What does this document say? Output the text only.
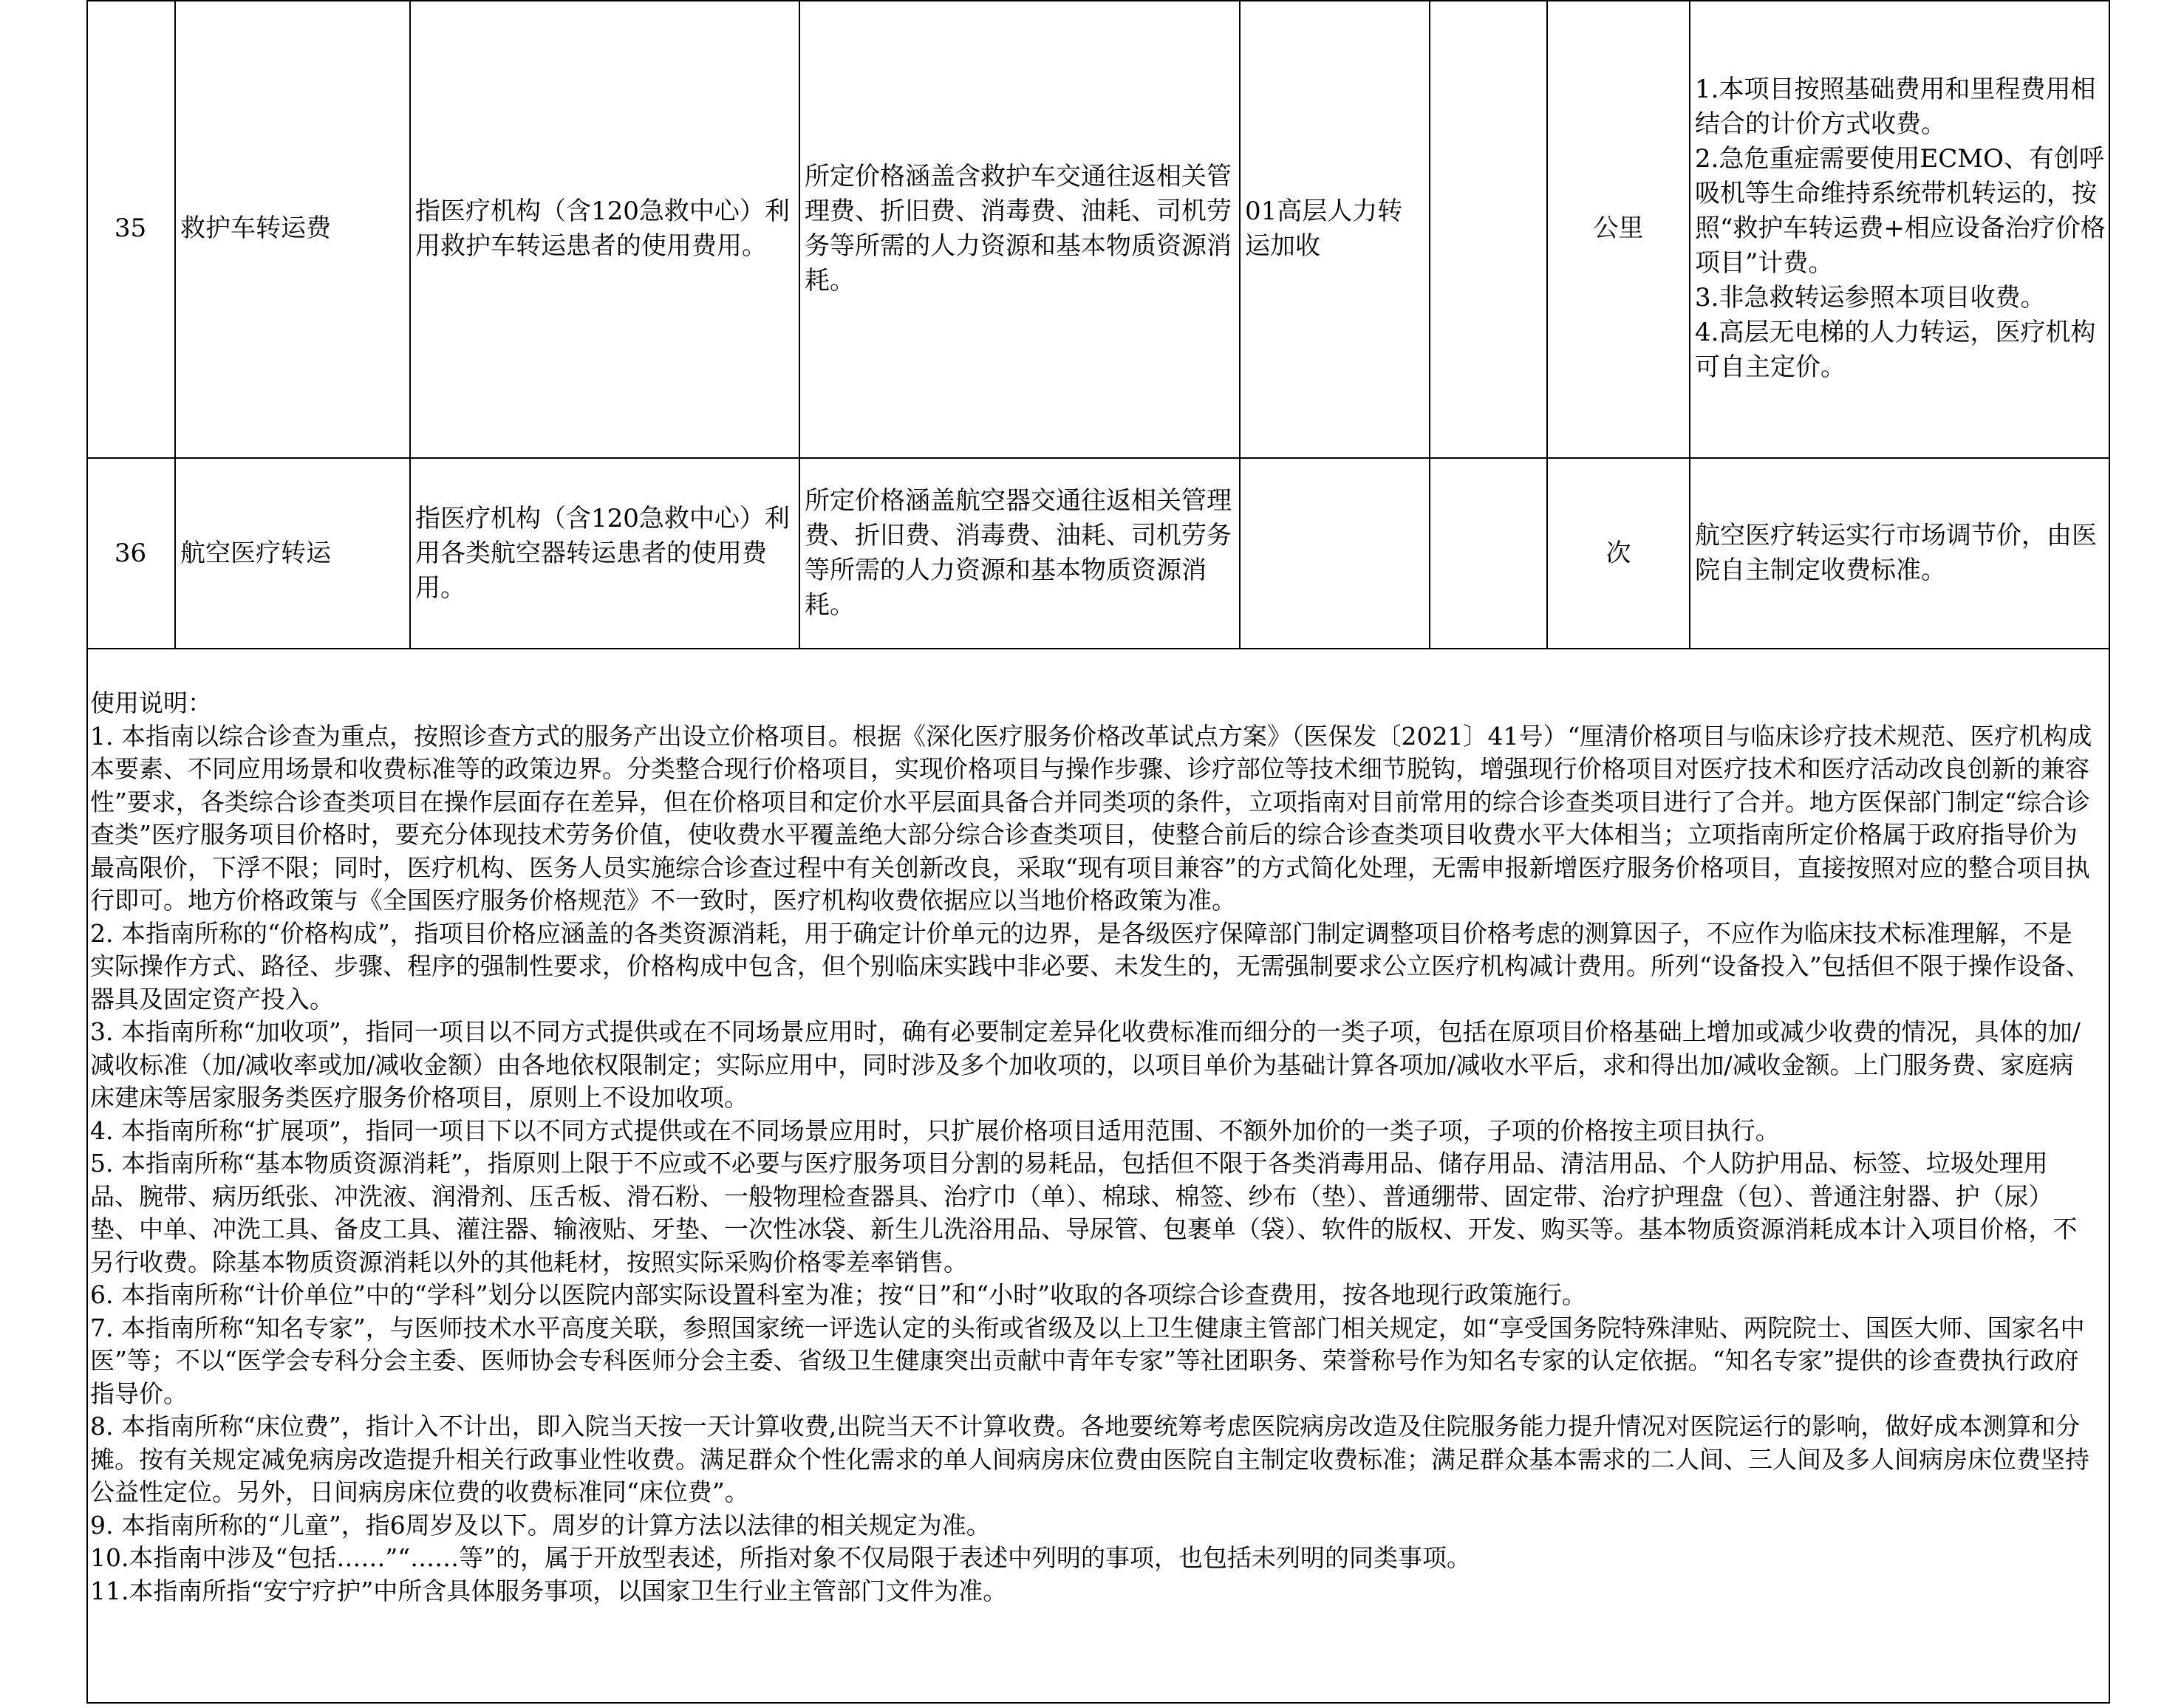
35	救护车转运费	指医疗机构（含120急救中心）利用救护车转运患者的使用费用。	所定价格涵盖含救护车交通往返相关管理费、折旧费、消毒费、油耗、司机劳务等所需的人力资源和基本物质资源消耗。	01高层人力转运加收		公里	1.本项目按照基础费用和里程费用相结合的计价方式收费。
2.急危重症需要使用ECMO、有创呼吸机等生命维持系统带机转运的，按照“救护车转运费+相应设备治疗价格项目”计费。
3.非急救转运参照本项目收费。
4.高层无电梯的人力转运，医疗机构可自主定价。

36	航空医疗转运	指医疗机构（含120急救中心）利用各类航空器转运患者的使用费用。	所定价格涵盖航空器交通往返相关管理费、折旧费、消毒费、油耗、司机劳务等所需的人力资源和基本物质资源消耗。			次	航空医疗转运实行市场调节价，由医院自主制定收费标准。
使用说明：
1. 本指南以综合诊查为重点，按照诊查方式的服务产出设立价格项目。根据《深化医疗服务价格改革试点方案》（医保发〔2021〕41号）“厘清价格项目与临床诊疗技术规范、医疗机构成本要素、不同应用场景和收费标准等的政策边界。分类整合现行价格项目，实现价格项目与操作步骤、诊疗部位等技术细节脱钩，增强现行价格项目对医疗技术和医疗活动改良创新的兼容性”要求，各类综合诊查类项目在操作层面存在差异，但在价格项目和定价水平层面具备合并同类项的条件，立项指南对目前常用的综合诊查类项目进行了合并。地方医保部门制定“综合诊查类”医疗服务项目价格时，要充分体现技术劳务价值，使收费水平覆盖绝大部分综合诊查类项目，使整合前后的综合诊查类项目收费水平大体相当；立项指南所定价格属于政府指导价为最高限价，下浮不限；同时，医疗机构、医务人员实施综合诊查过程中有关创新改良，采取“现有项目兼容”的方式简化处理，无需申报新增医疗服务价格项目，直接按照对应的整合项目执行即可。地方价格政策与《全国医疗服务价格规范》不一致时，医疗机构收费依据应以当地价格政策为准。
2. 本指南所称的“价格构成”，指项目价格应涵盖的各类资源消耗，用于确定计价单元的边界，是各级医疗保障部门制定调整项目价格考虑的测算因子，不应作为临床技术标准理解，不是实际操作方式、路径、步骤、程序的强制性要求，价格构成中包含，但个别临床实践中非必要、未发生的，无需强制要求公立医疗机构减计费用。所列“设备投入”包括但不限于操作设备、器具及固定资产投入。
3. 本指南所称“加收项”，指同一项目以不同方式提供或在不同场景应用时，确有必要制定差异化收费标准而细分的一类子项，包括在原项目价格基础上增加或减少收费的情况，具体的加/减收标准（加/减收率或加/减收金额）由各地依权限制定；实际应用中，同时涉及多个加收项的，以项目单价为基础计算各项加/减收水平后，求和得出加/减收金额。上门服务费、家庭病床建床等居家服务类医疗服务价格项目，原则上不设加收项。
4. 本指南所称“扩展项”，指同一项目下以不同方式提供或在不同场景应用时，只扩展价格项目适用范围、不额外加价的一类子项，子项的价格按主项目执行。
5. 本指南所称“基本物质资源消耗”，指原则上限于不应或不必要与医疗服务项目分割的易耗品，包括但不限于各类消毒用品、储存用品、清洁用品、个人防护用品、标签、垃圾处理用品、腕带、病历纸张、冲洗液、润滑剂、压舌板、滑石粉、一般物理检查器具、治疗巾（单）、棉球、棉签、纱布（垫）、普通绷带、固定带、治疗护理盘（包）、普通注射器、护（尿）垫、中单、冲洗工具、备皮工具、灌注器、输液贴、牙垫、一次性冰袋、新生儿洗浴用品、导尿管、包裹单（袋）、软件的版权、开发、购买等。基本物质资源消耗成本计入项目价格，不另行收费。除基本物质资源消耗以外的其他耗材，按照实际采购价格零差率销售。
6. 本指南所称“计价单位”中的“学科”划分以医院内部实际设置科室为准；按“日”和“小时”收取的各项综合诊查费用，按各地现行政策施行。
7. 本指南所称“知名专家”，与医师技术水平高度关联，参照国家统一评选认定的头衔或省级及以上卫生健康主管部门相关规定，如“享受国务院特殊津贴、两院院士、国医大师、国家名中医”等；不以“医学会专科分会主委、医师协会专科医师分会主委、省级卫生健康突出贡献中青年专家”等社团职务、荣誉称号作为知名专家的认定依据。“知名专家”提供的诊查费执行政府指导价。
8. 本指南所称“床位费”，指计入不计出，即入院当天按一天计算收费,出院当天不计算收费。各地要统筹考虑医院病房改造及住院服务能力提升情况对医院运行的影响，做好成本测算和分摊。按有关规定减免病房改造提升相关行政事业性收费。满足群众个性化需求的单人间病房床位费由医院自主制定收费标准；满足群众基本需求的二人间、三人间及多人间病房床位费坚持公益性定位。另外，日间病房床位费的收费标准同“床位费”。
9. 本指南所称的“儿童”，指6周岁及以下。周岁的计算方法以法律的相关规定为准。
10.本指南中涉及“包括……”“……等”的，属于开放型表述，所指对象不仅局限于表述中列明的事项，也包括未列明的同类事项。
11.本指南所指“安宁疗护”中所含具体服务事项，以国家卫生行业主管部门文件为准。
